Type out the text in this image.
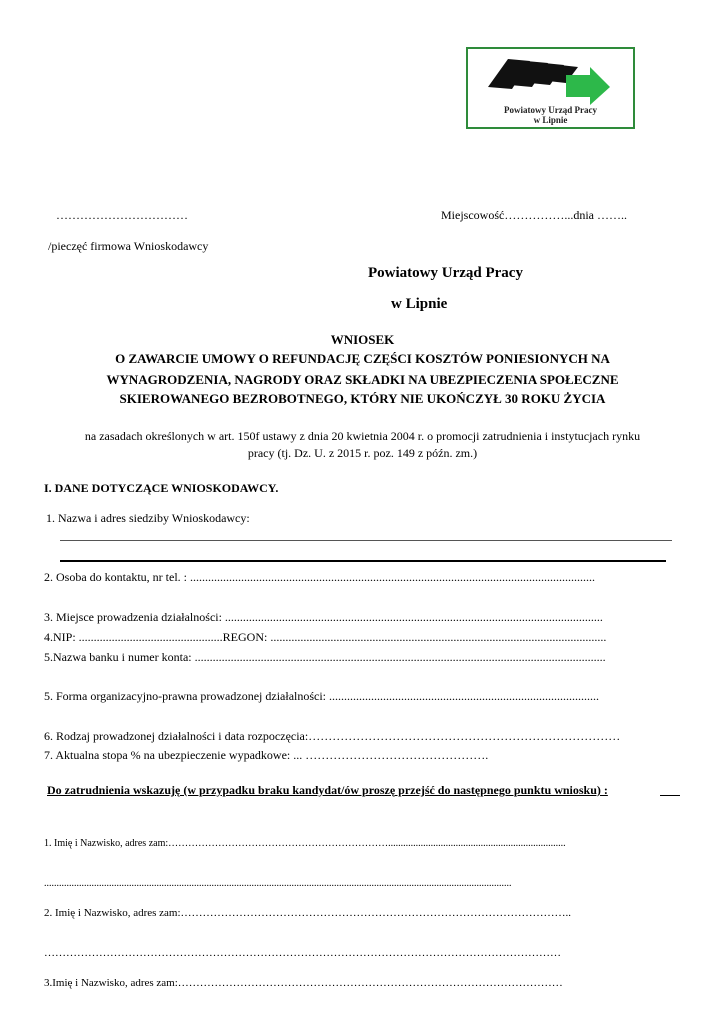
Powiatowy Urząd Pracy
w Lipnie
……………………………	Miejscowość……………...dnia ……..
/pieczęć firmowa Wnioskodawcy
Powiatowy Urząd Pracy
w Lipnie
WNIOSEK
O ZAWARCIE UMOWY O REFUNDACJĘ CZĘŚCI KOSZTÓW PONIESIONYCH NA
WYNAGRODZENIA, NAGRODY ORAZ SKŁADKI NA UBEZPIECZENIA SPOŁECZNE
SKIEROWANEGO BEZROBOTNEGO, KTÓRY NIE UKOŃCZYŁ 30 ROKU ŻYCIA
na zasadach określonych w art. 150f ustawy z dnia 20 kwietnia 2004 r. o promocji zatrudnienia i instytucjach rynku
pracy (tj. Dz. U. z 2015 r. poz. 149 z późn. zm.)
I. DANE DOTYCZĄCE WNIOSKODAWCY.
1. Nazwa i adres siedziby Wnioskodawcy:
2. Osoba do kontaktu, nr tel. : .......................................................................................................................................
3. Miejsce prowadzenia działalności: ..............................................................................................................................
4.NIP: ................................................REGON: ................................................................................................................
5.Nazwa banku i numer konta: .........................................................................................................................................
5. Forma organizacyjno-prawna prowadzonej działalności: ..........................................................................................
6. Rodzaj prowadzonej działalności i data rozpoczęcia:……………………………………………………………………
7. Aktualna stopa % na ubezpieczenie wypadkowe: ... ……………………………………….
Do zatrudnienia wskazuję (w przypadku braku kandydat/ów proszę przejść do następnego punktu wniosku) :
1. Imię i Nazwisko, adres zam:………………………………………………………….......................................................................
...........................................................................................................................................................................................
2. Imię i Nazwisko, adres zam:……………………………………………………………………………………………..
……………………………………………………………………………………………………………………………
3.Imię i Nazwisko, adres zam:……………………………………………………………………………………………
